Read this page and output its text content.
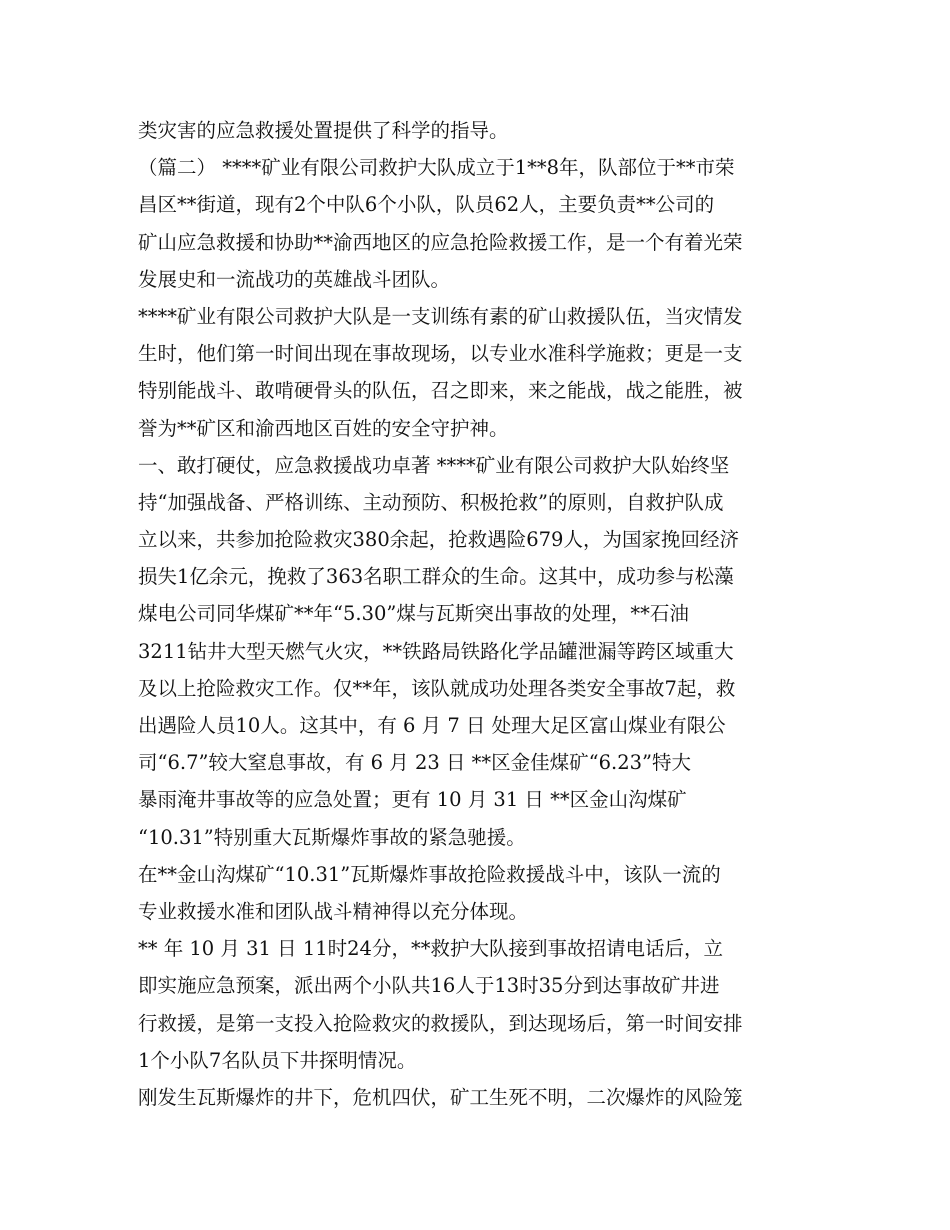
类灾害的应急救援处置提供了科学的指导。
（篇二） ****矿业有限公司救护大队成立于1**8年，队部位于**市荣
昌区**街道，现有2个中队6个小队，队员62人，主要负责**公司的
矿山应急救援和协助**渝西地区的应急抢险救援工作，是一个有着光荣
发展史和一流战功的英雄战斗团队。
****矿业有限公司救护大队是一支训练有素的矿山救援队伍，当灾情发
生时，他们第一时间出现在事故现场，以专业水准科学施救；更是一支
特别能战斗、敢啃硬骨头的队伍，召之即来，来之能战，战之能胜，被
誉为**矿区和渝西地区百姓的安全守护神。
一、敢打硬仗，应急救援战功卓著 ****矿业有限公司救护大队始终坚
持“加强战备、严格训练、主动预防、积极抢救”的原则，自救护队成
立以来，共参加抢险救灾380余起，抢救遇险679人，为国家挽回经济
损失1亿余元，挽救了363名职工群众的生命。这其中，成功参与松藻
煤电公司同华煤矿**年“5.30”煤与瓦斯突出事故的处理，**石油
3211钻井大型天燃气火灾，**铁路局铁路化学品罐泄漏等跨区域重大
及以上抢险救灾工作。仅**年，该队就成功处理各类安全事故7起，救
出遇险人员10人。这其中，有 6 月 7 日 处理大足区富山煤业有限公
司“6.7”较大窒息事故，有 6 月 23 日 **区金佳煤矿“6.23”特大
暴雨淹井事故等的应急处置；更有 10 月 31 日 **区金山沟煤矿
“10.31”特别重大瓦斯爆炸事故的紧急驰援。
在**金山沟煤矿“10.31”瓦斯爆炸事故抢险救援战斗中，该队一流的
专业救援水准和团队战斗精神得以充分体现。
** 年 10 月 31 日 11时24分，**救护大队接到事故招请电话后，立
即实施应急预案，派出两个小队共16人于13时35分到达事故矿井进
行救援，是第一支投入抢险救灾的救援队，到达现场后，第一时间安排
1个小队7名队员下井探明情况。
刚发生瓦斯爆炸的井下，危机四伏，矿工生死不明，二次爆炸的风险笼
